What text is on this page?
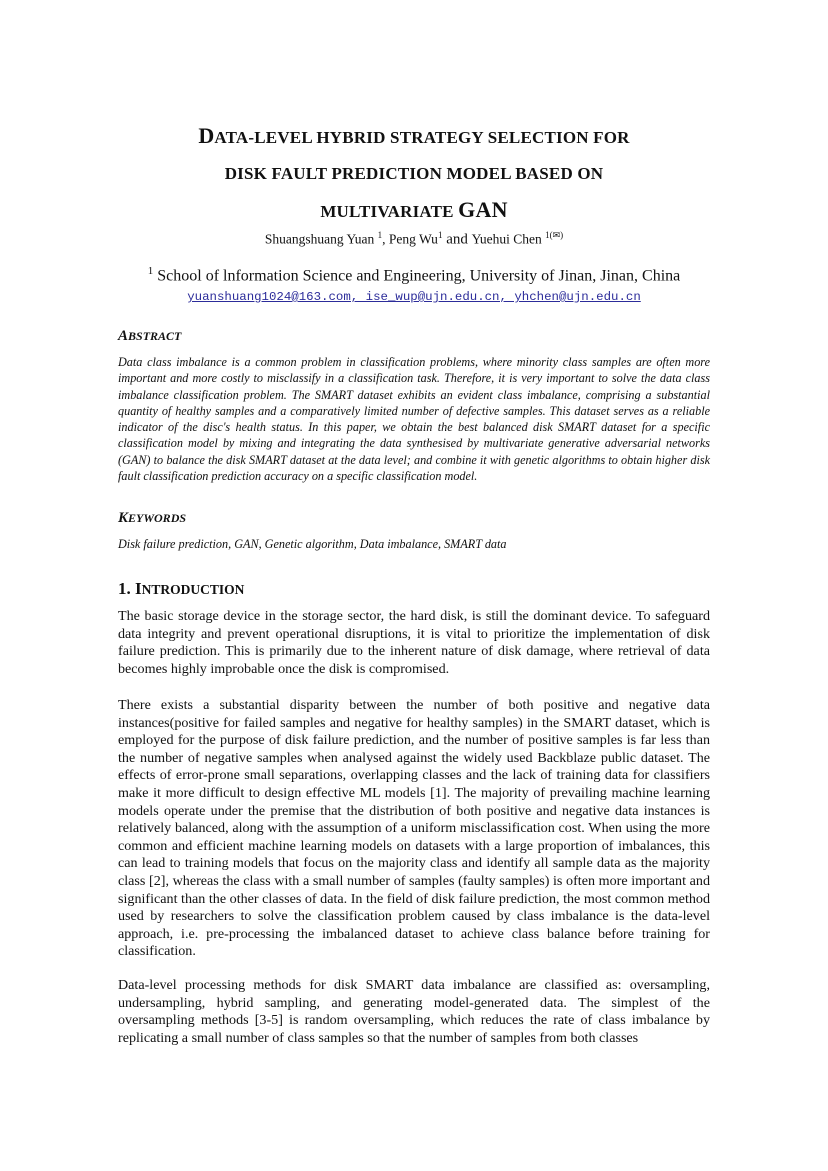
DATA-LEVEL HYBRID STRATEGY SELECTION FOR
DISK FAULT PREDICTION MODEL BASED ON
MULTIVARIATE GAN
Shuangshuang Yuan $^1$, Peng Wu$^1$ and Yuehui Chen $^{1(✉)}$
$^1$ School of lnformation Science and Engineering, University of Jinan, Jinan, China
yuanshuang1024@163.com, ise_wup@ujn.edu.cn, yhchen@ujn.edu.cn
ABSTRACT
Data class imbalance is a common problem in classification problems, where minority class samples are often more important and more costly to misclassify in a classification task. Therefore, it is very important to solve the data class imbalance classification problem. The SMART dataset exhibits an evident class imbalance, comprising a substantial quantity of healthy samples and a comparatively limited number of defective samples. This dataset serves as a reliable indicator of the disc's health status. In this paper, we obtain the best balanced disk SMART dataset for a specific classification model by mixing and integrating the data synthesised by multivariate generative adversarial networks (GAN) to balance the disk SMART dataset at the data level; and combine it with genetic algorithms to obtain higher disk fault classification prediction accuracy on a specific classification model.
KEYWORDS
Disk failure prediction, GAN, Genetic algorithm, Data imbalance, SMART data
1. INTRODUCTION
The basic storage device in the storage sector, the hard disk, is still the dominant device. To safeguard data integrity and prevent operational disruptions, it is vital to prioritize the implementation of disk failure prediction. This is primarily due to the inherent nature of disk damage, where retrieval of data becomes highly improbable once the disk is compromised.
There exists a substantial disparity between the number of both positive and negative data instances(positive for failed samples and negative for healthy samples) in the SMART dataset, which is employed for the purpose of disk failure prediction, and the number of positive samples is far less than the number of negative samples when analysed against the widely used Backblaze public dataset. The effects of error-prone small separations, overlapping classes and the lack of training data for classifiers make it more difficult to design effective ML models [1]. The majority of prevailing machine learning models operate under the premise that the distribution of both positive and negative data instances is relatively balanced, along with the assumption of a uniform misclassification cost. When using the more common and efficient machine learning models on datasets with a large proportion of imbalances, this can lead to training models that focus on the majority class and identify all sample data as the majority class [2], whereas the class with a small number of samples (faulty samples) is often more important and significant than the other classes of data. In the field of disk failure prediction, the most common method used by researchers to solve the classification problem caused by class imbalance is the data-level approach, i.e. pre-processing the imbalanced dataset to achieve class balance before training for classification.
Data-level processing methods for disk SMART data imbalance are classified as: oversampling, undersampling, hybrid sampling, and generating model-generated data. The simplest of the oversampling methods [3-5] is random oversampling, which reduces the rate of class imbalance by replicating a small number of class samples so that the number of samples from both classes
